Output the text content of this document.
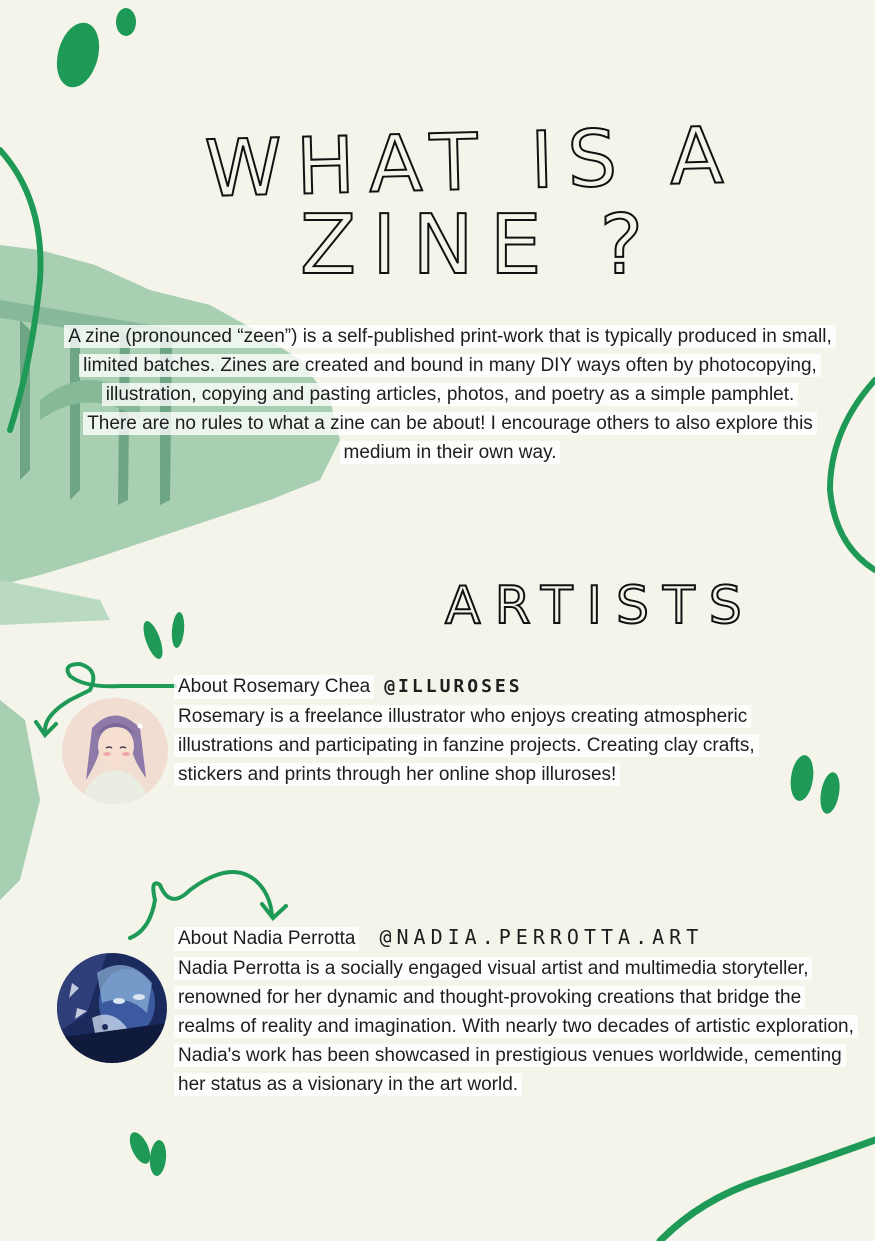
WHAT IS A
ZINE ?

A zine (pronounced “zeen”) is a self-published print-work that is typically produced in small, limited batches. Zines are created and bound in many DIY ways often by photocopying, illustration, copying and pasting articles, photos, and poetry as a simple pamphlet.

There are no rules to what a zine can be about! I encourage others to also explore this medium in their own way.

ARTISTS
About Rosemary Chea @ILLUROSES

Rosemary is a freelance illustrator who enjoys creating atmospheric illustrations and participating in fanzine projects. Creating clay crafts, stickers and prints through her online shop illuroses!

About Nadia Perrotta @NADIA.PERROTTA.ART

Nadia Perrotta is a socially engaged visual artist and multimedia storyteller, renowned for her dynamic and thought-provoking creations that bridge the realms of reality and imagination. With nearly two decades of artistic exploration, Nadia's work has been showcased in prestigious venues worldwide, cementing her status as a visionary in the art world.
